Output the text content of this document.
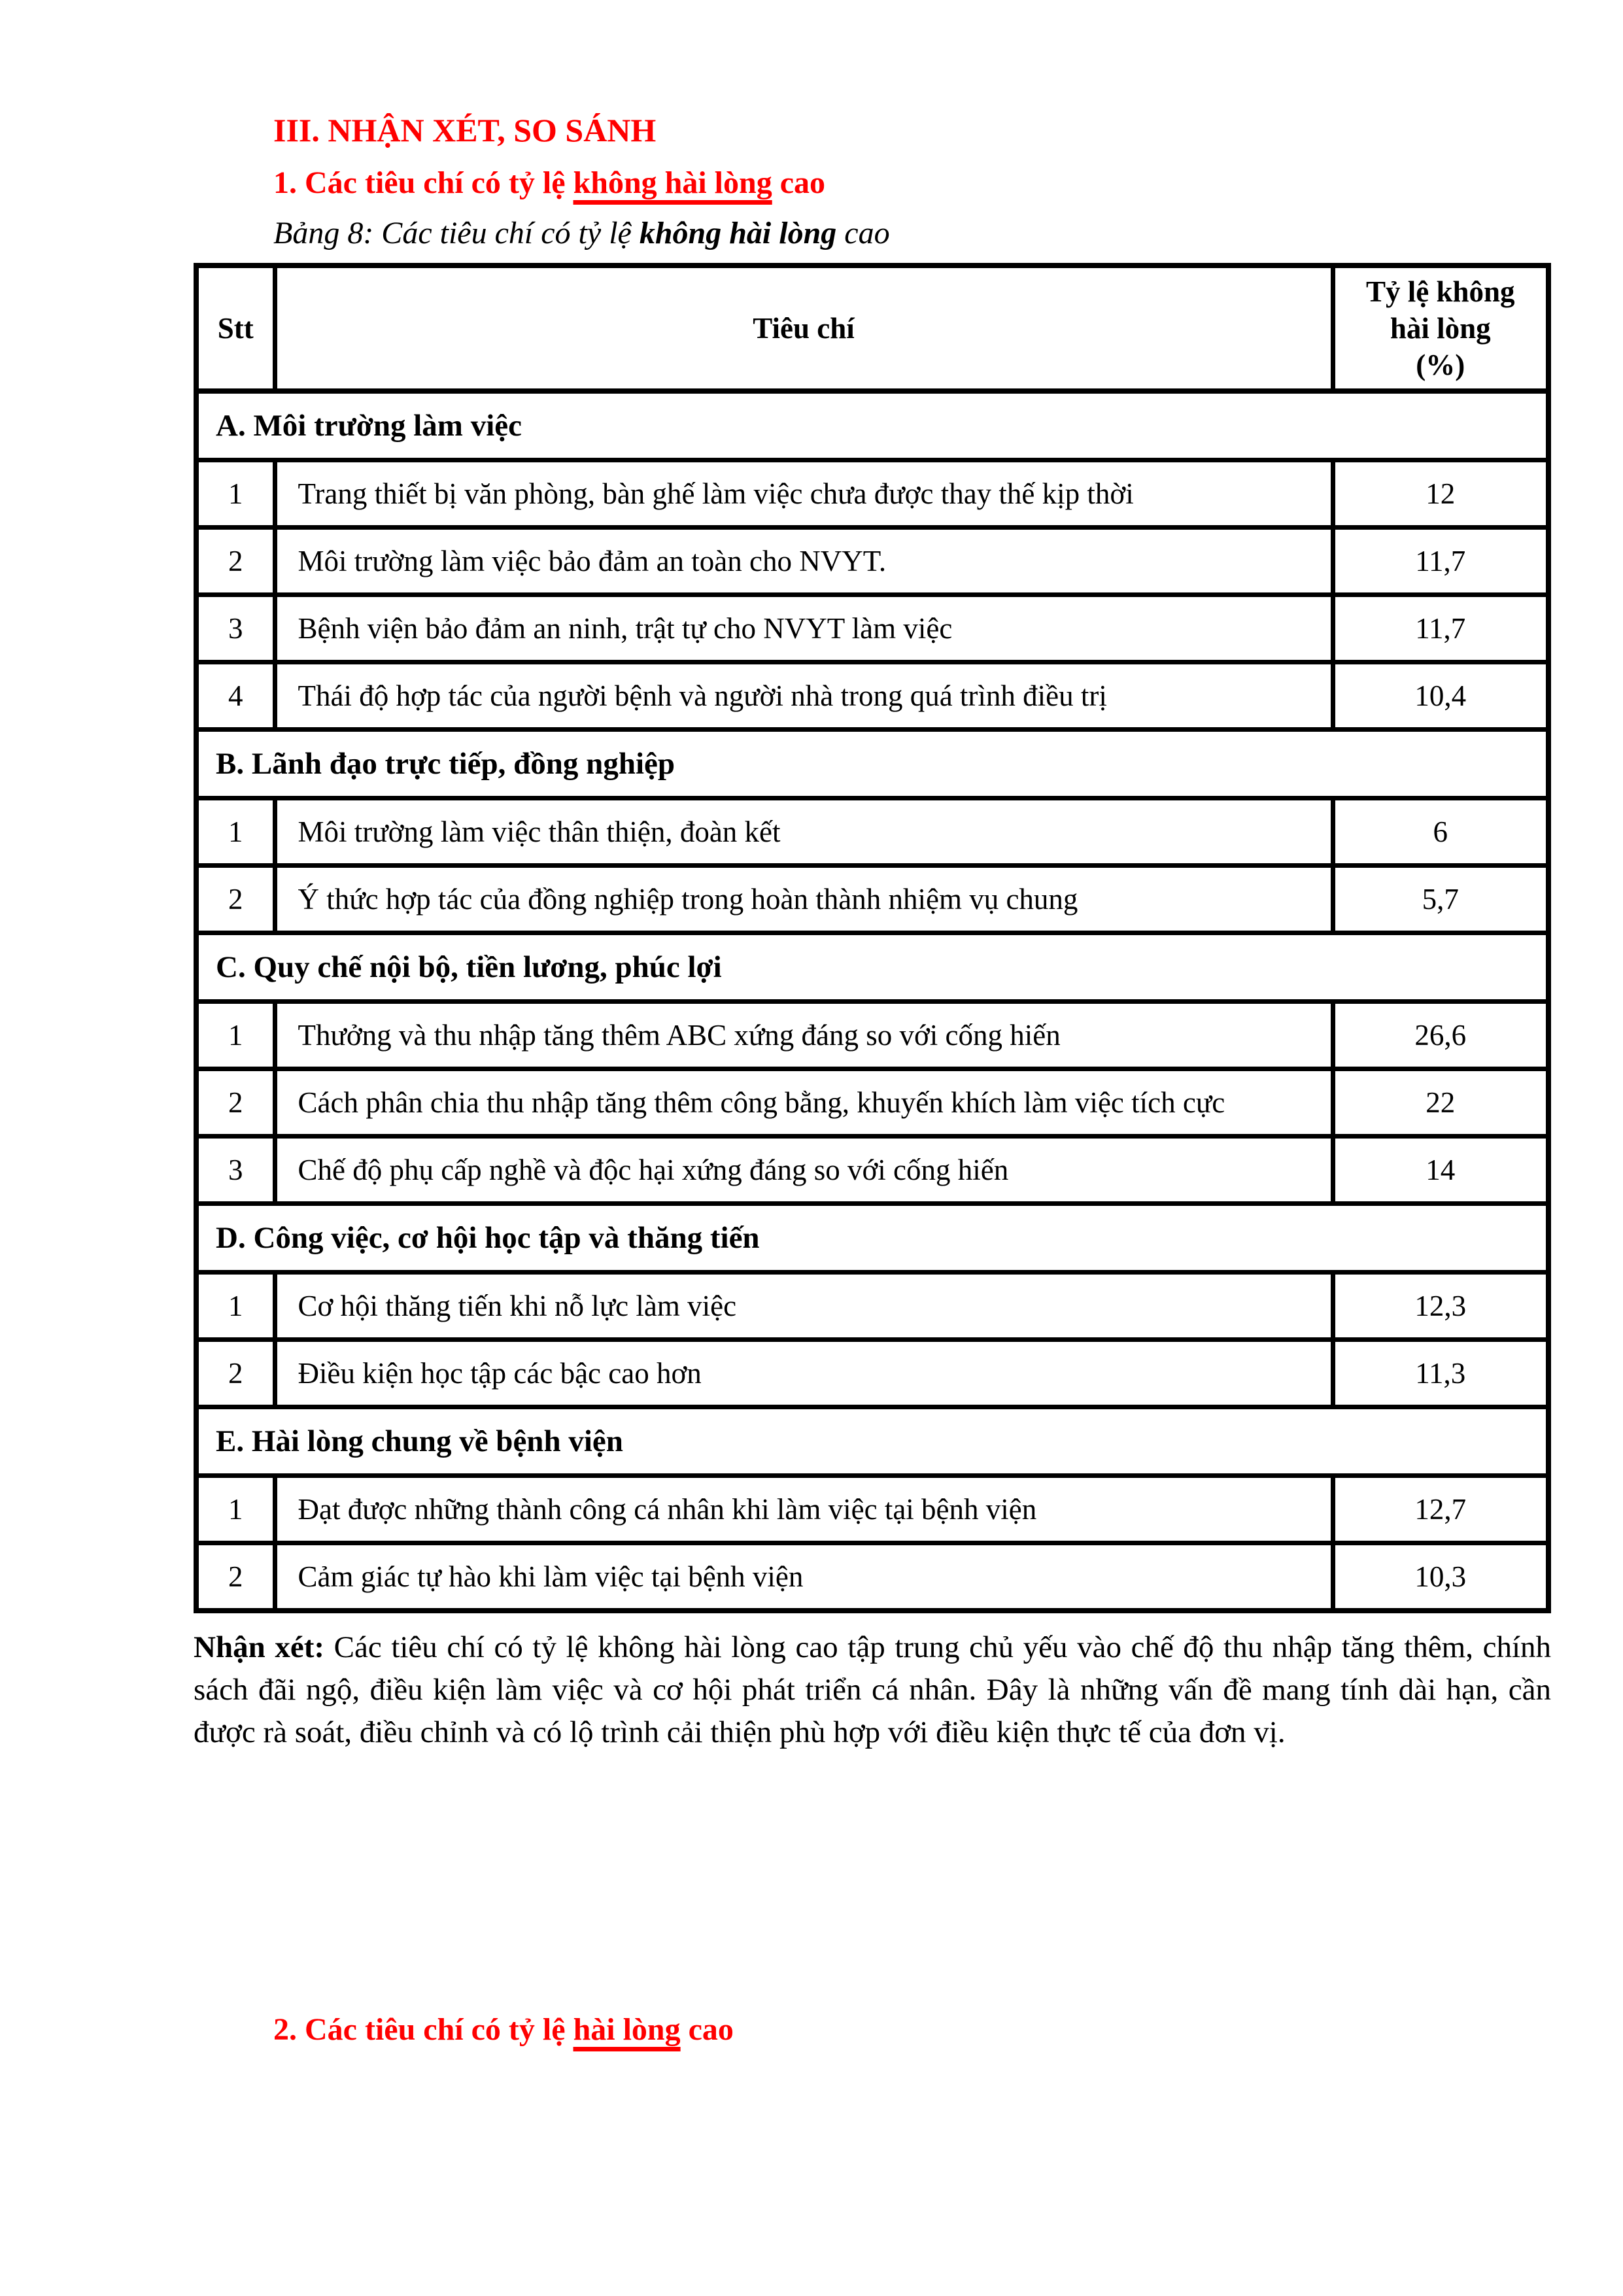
III. NHẬN XÉT, SO SÁNH
1. Các tiêu chí có tỷ lệ không hài lòng cao
Bảng 8: Các tiêu chí có tỷ lệ không hài lòng cao
Stt	Tiêu chí	Tỷ lệ không
hài lòng
(%)
A. Môi trường làm việc		
1	Trang thiết bị văn phòng, bàn ghế làm việc chưa được thay thế kịp thời	12
2	Môi trường làm việc bảo đảm an toàn cho NVYT.	11,7
3	Bệnh viện bảo đảm an ninh, trật tự cho NVYT làm việc	11,7
4	Thái độ hợp tác của người bệnh và người nhà trong quá trình điều trị	10,4
B. Lãnh đạo trực tiếp, đồng nghiệp		
1	Môi trường làm việc thân thiện, đoàn kết	6
2	Ý thức hợp tác của đồng nghiệp trong hoàn thành nhiệm vụ chung	5,7
C. Quy chế nội bộ, tiền lương, phúc lợi		
1	Thưởng và thu nhập tăng thêm ABC xứng đáng so với cống hiến	26,6
2	Cách phân chia thu nhập tăng thêm công bằng, khuyến khích làm việc tích cực	22
3	Chế độ phụ cấp nghề và độc hại xứng đáng so với cống hiến	14
D. Công việc, cơ hội học tập và thăng tiến		
1	Cơ hội thăng tiến khi nỗ lực làm việc	12,3
2	Điều kiện học tập các bậc cao hơn	11,3
E. Hài lòng chung về bệnh viện		
1	Đạt được những thành công cá nhân khi làm việc tại bệnh viện	12,7
2	Cảm giác tự hào khi làm việc tại bệnh viện	10,3

Nhận xét: Các tiêu chí có tỷ lệ không hài lòng cao tập trung chủ yếu vào chế độ thu nhập tăng thêm, chính sách đãi ngộ, điều kiện làm việc và cơ hội phát triển cá nhân. Đây là những vấn đề mang tính dài hạn, cần được rà soát, điều chỉnh và có lộ trình cải thiện phù hợp với điều kiện thực tế của đơn vị.

2. Các tiêu chí có tỷ lệ hài lòng cao
